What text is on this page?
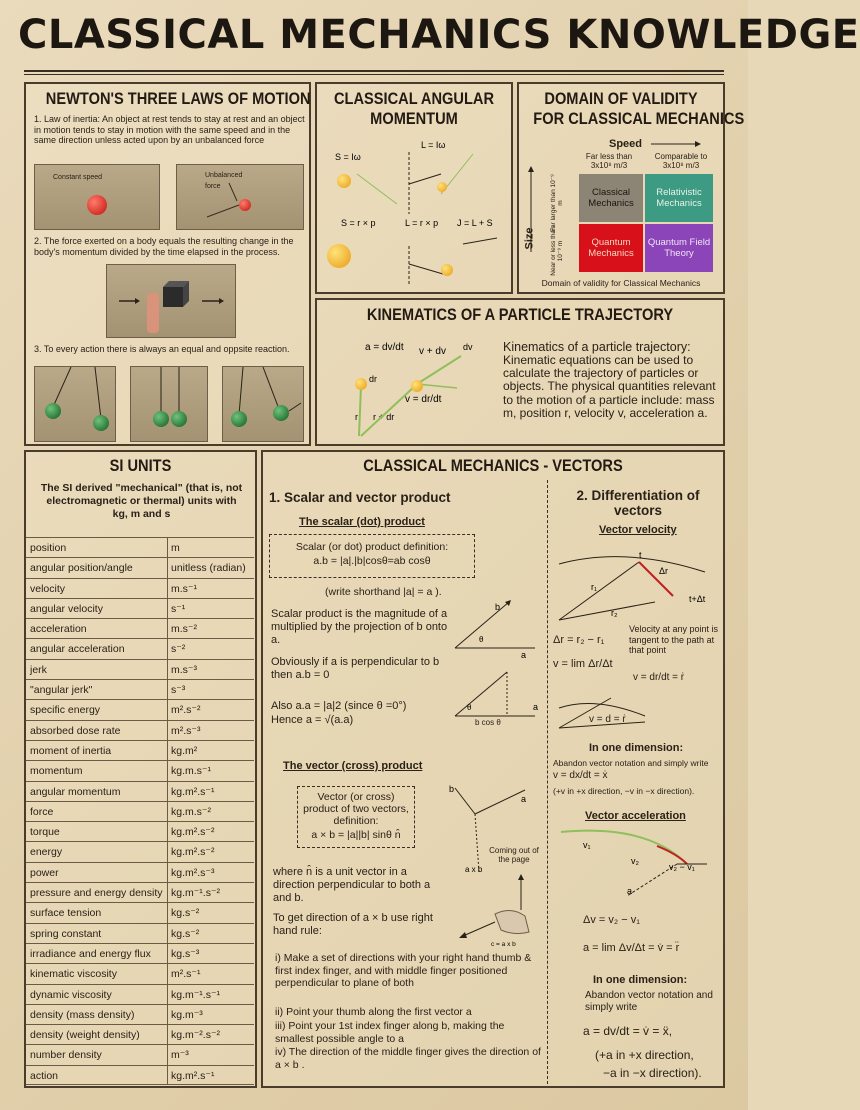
CLASSICAL MECHANICS KNOWLEDGE
NEWTON'S THREE LAWS OF MOTION
1. Law of inertia: An object at rest tends to stay at rest and an object in motion tends to stay in motion with the same speed and in the same direction unless acted upon by an unbalanced force
Constant speed	Unbalanced force
2. The force exerted on a body equals the resulting change in the body's momentum divided by the time elapsed in the process.
3. To every action there is always an equal and oppsite reaction.
CLASSICAL ANGULAR
MOMENTUM
S = Iω
L = Iω
S = r × p	L = r × p J = L + S
DOMAIN OF VALIDITY
FOR CLASSICAL MECHANICS
Speed
Far less than 3x10⁸ m/3
Comparable to 3x10⁸ m/3
Size
Far larger than 10⁻⁹ m
Near or less than 10⁻⁹ m
Classical Mechanics
Relativistic Mechanics
Quantum Mechanics
Quantum Field Theory
Domain of validity for Classical Mechanics
KINEMATICS OF A PARTICLE TRAJECTORY
a = dv/dt v + dv dv
dr
v = dr/dt
r r + dr
Kinematics of a particle trajectory:
Kinematic equations can be used to calculate the trajectory of particles or objects. The physical quantities relevant to the motion of a particle include: mass m, position r, velocity v, acceleration a.
SI UNITS
The SI derived "mechanical" (that is, not electromagnetic or thermal) units with kg, m and s
position	m
angular position/angle	unitless (radian)
velocity	m.s⁻¹
angular velocity	s⁻¹
acceleration	m.s⁻²
angular acceleration	s⁻²
jerk	m.s⁻³
"angular jerk"	s⁻³
specific energy	m².s⁻²
absorbed dose rate	m².s⁻³
moment of inertia	kg.m²
momentum	kg.m.s⁻¹
angular momentum	kg.m².s⁻¹
force	kg.m.s⁻²
torque	kg.m².s⁻²
energy	kg.m².s⁻²
power	kg.m².s⁻³
pressure and energy density kg.m⁻¹.s⁻²
surface tension	kg.s⁻²
spring constant	kg.s⁻²
irradiance and energy flux	kg.s⁻³
kinematic viscosity	m².s⁻¹
dynamic viscosity	kg.m⁻¹.s⁻¹
density (mass density)	kg.m⁻³
density (weight density)	kg.m⁻².s⁻²
number density	m⁻³
action	kg.m².s⁻¹
CLASSICAL MECHANICS - VECTORS
1. Scalar and vector product
The scalar (dot) product
Scalar (or dot) product definition:
a.b = |a|.|b|cosθ=ab cosθ
(write shorthand |a| = a ).
Scalar product is the magnitude of a multiplied by the projection of b onto a.
Obviously if a is perpendicular to b then a.b = 0
Also a.a = |a|2 (since θ =0°)
Hence a = √(a.a)
b
a
θ
θ	a
b cos θ
The vector (cross) product
Vector (or cross) product of two vectors, definition:
a × b = |a||b| sinθ n̂
b
a
a x b
Coming out of the page
where n̂ is a unit vector in a direction perpendicular to both a and b.
To get direction of a × b use right hand rule:
c = a x b
i) Make a set of directions with your right hand thumb & first index finger, and with middle finger positioned perpendicular to plane of both
ii) Point your thumb along the first vector a
iii) Point your 1st index finger along b, making the smallest possible angle to a
iv) The direction of the middle finger gives the direction of a × b .
2. Differentiation of vectors
Vector velocity
t
t+Δt
Δr
r₁
r₂
Δr = r₂ − r₁
v = lim Δr/Δt
Velocity at any point is tangent to the path at that point
v = dr/dt = ṙ
v = d = ṙ
In one dimension:
Abandon vector notation and simply write
v = dx/dt = ẋ
(+v in +x direction, −v in −x direction).
Vector acceleration
v₁
v₂
v₂ − v₁
a
Δv = v₂ − v₁
a = lim Δv/Δt = v̇ = r̈
In one dimension:
Abandon vector notation and simply write
a = dv/dt = v̇ = ẍ,
(+a in +x direction,
−a in −x direction).
